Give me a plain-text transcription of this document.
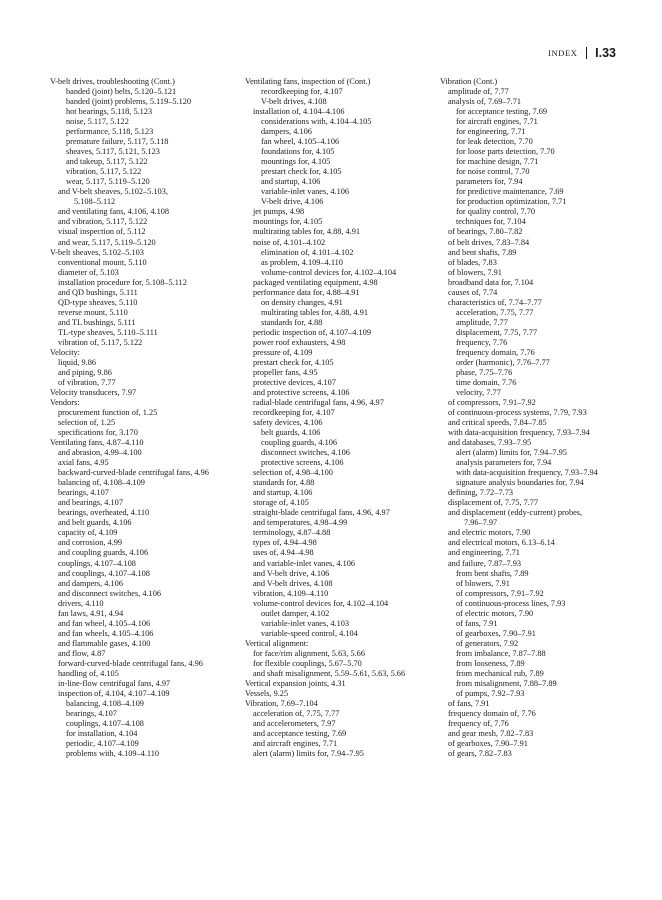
INDEX I.33
V-belt drives, troubleshooting (Cont.)
banded (joint) belts, 5.120–5.121
banded (joint) problems, 5.119–5.120
hot bearings, 5.118, 5.123
noise, 5.117, 5.122
performance, 5.118, 5.123
premature failure, 5.117, 5.118
sheaves, 5.117, 5.121, 5.123
and takeup, 5.117, 5.122
vibration, 5.117, 5.122
wear, 5.117, 5.119–5.120
and V-belt sheaves, 5.102–5.103,
5.108–5.112
and ventilating fans, 4.106, 4.108
and vibration, 5.117, 5.122
visual inspection of, 5.112
and wear, 5.117, 5.119–5.120
V-belt sheaves, 5.102–5.103
conventional mount, 5.110
diameter of, 5.103
installation procedure for, 5.108–5.112
and QD bushings, 5.111
QD-type sheaves, 5.110
reverse mount, 5.110
and TL bushings, 5.111
TL-type sheaves, 5.110–5.111
vibration of, 5.117, 5.122
Velocity:
liquid, 9.86
and piping, 9.86
of vibration, 7.77
Velocity transducers, 7.97
Vendors:
procurement function of, 1.25
selection of, 1.25
specifications for, 3.170
Ventilating fans, 4.87–4.110
and abrasion, 4.99–4.100
axial fans, 4.95
backward-curved-blade centrifugal fans, 4.96
balancing of, 4.108–4.109
bearings, 4.107
and bearings, 4.107
bearings, overheated, 4.110
and belt guards, 4.106
capacity of, 4.109
and corrosion, 4.99
and coupling guards, 4.106
couplings, 4.107–4.108
and couplings, 4.107–4.108
and dampers, 4.106
and disconnect switches, 4.106
drivers, 4.110
fan laws, 4.91, 4.94
and fan wheel, 4.105–4.106
and fan wheels, 4.105–4.106
and flammable gases, 4.100
and flow, 4.87
forward-curved-blade centrifugal fans, 4.96
handling of, 4.105
in-line-flow centrifugal fans, 4.97
inspection of, 4.104, 4.107–4.109
balancing, 4.108–4.109
bearings, 4.107
couplings, 4.107–4.108
for installation, 4.104
periodic, 4.107–4.109
problems with, 4.109–4.110
Ventilating fans, inspection of (Cont.)
recordkeeping for, 4.107
V-belt drives, 4.108
installation of, 4.104–4.106
considerations with, 4.104–4.105
dampers, 4.106
fan wheel, 4.105–4.106
foundations for, 4.105
mountings for, 4.105
prestart check for, 4.105
and startup, 4.106
variable-inlet vanes, 4.106
V-belt drive, 4.106
jet pumps, 4.98
mountings for, 4.105
multirating tables for, 4.88, 4.91
noise of, 4.101–4.102
elimination of, 4.101–4.102
as problem, 4.109–4.110
volume-control devices for, 4.102–4.104
packaged ventilating equipment, 4.98
performance data for, 4.88–4.91
on density changes, 4.91
multirating tables for, 4.88, 4.91
standards for, 4.88
periodic inspection of, 4.107–4.109
power roof exhausters, 4.98
pressure of, 4.109
prestart check for, 4.105
propeller fans, 4.95
protective devices, 4.107
and protective screens, 4.106
radial-blade centrifugal fans, 4.96, 4.97
recordkeeping for, 4.107
safety devices, 4.106
belt guards, 4.106
coupling guards, 4.106
disconnect switches, 4.106
protective screens, 4.106
selection of, 4.98–4.100
standards for, 4.88
and startup, 4.106
storage of, 4.105
straight-blade centrifugal fans, 4.96, 4.97
and temperatures, 4.98–4.99
terminology, 4.87–4.88
types of, 4.94–4.98
uses of, 4.94–4.98
and variable-inlet vanes, 4.106
and V-belt drive, 4.106
and V-belt drives, 4.108
vibration, 4.109–4.110
volume-control devices for, 4.102–4.104
outlet damper, 4.102
variable-inlet vanes, 4.103
variable-speed control, 4.104
Vertical alignment:
for face/rim alignment, 5.63, 5.66
for flexible couplings, 5.67–5.70
and shaft misalignment, 5.59–5.61, 5.63, 5.66
Vertical expansion joints, 4.31
Vessels, 9.25
Vibration, 7.69–7.104
acceleration of, 7.75, 7.77
and accelerometers, 7.97
and acceptance testing, 7.69
and aircraft engines, 7.71
alert (alarm) limits for, 7.94–7.95
Vibration (Cont.)
amplitude of, 7.77
analysis of, 7.69–7.71
for acceptance testing, 7.69
for aircraft engines, 7.71
for engineering, 7.71
for leak detection, 7.70
for loose parts detection, 7.70
for machine design, 7.71
for noise control, 7.70
parameters for, 7.94
for predictive maintenance, 7.69
for production optimization, 7.71
for quality control, 7.70
techniques for, 7.104
of bearings, 7.80–7.82
of belt drives, 7.83–7.84
and bent shafts, 7.89
of blades, 7.83
of blowers, 7.91
broadband data for, 7.104
causes of, 7.74
characteristics of, 7.74–7.77
acceleration, 7.75, 7.77
amplitude, 7.77
displacement, 7.75, 7.77
frequency, 7.76
frequency domain, 7.76
order (harmonic), 7.76–7.77
phase, 7.75–7.76
time domain, 7.76
velocity, 7.77
of compressors, 7.91–7.92
of continuous-process systems, 7.79, 7.93
and critical speeds, 7.84–7.85
with data-acquisition frequency, 7.93–7.94
and databases, 7.93–7.95
alert (alarm) limits for, 7.94–7.95
analysis parameters for, 7.94
with data-acquisition frequency, 7.93–7.94
signature analysis boundaries for, 7.94
defining, 7.72–7.73
displacement of, 7.75, 7.77
and displacement (eddy-current) probes,
7.96–7.97
and electric motors, 7.90
and electrical motors, 6.13–6.14
and engineering, 7.71
and failure, 7.87–7.93
from bent shafts, 7.89
of blowers, 7.91
of compressors, 7.91–7.92
of continuous-process lines, 7.93
of electric motors, 7.90
of fans, 7.91
of gearboxes, 7.90–7.91
of generators, 7.92
from imbalance, 7.87–7.88
from looseness, 7.89
from mechanical rub, 7.89
from misalignment, 7.88–7.89
of pumps, 7.92–7.93
of fans, 7.91
frequency domain of, 7.76
frequency of, 7.76
and gear mesh, 7.82–7.83
of gearboxes, 7.90–7.91
of gears, 7.82–7.83
